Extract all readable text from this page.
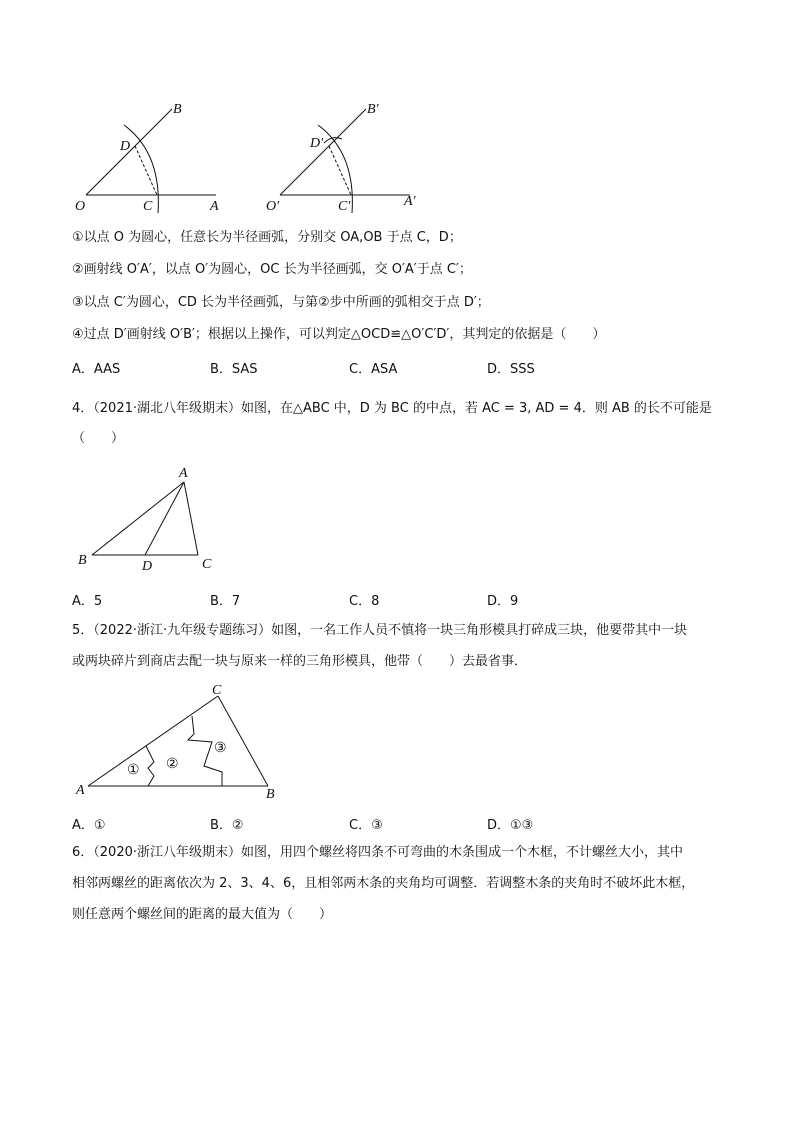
B
D
O	C	A
B′
D′
O′	C′	A′
①以点 O 为圆心，任意长为半径画弧，分别交 OA,OB 于点 C，D；
②画射线 O′A′，以点 O′为圆心，OC 长为半径画弧，交 O′A′于点 C′；
③以点 C′为圆心，CD 长为半径画弧，与第②步中所画的弧相交于点 D′；
④过点 D′画射线 O′B′；根据以上操作，可以判定△OCD≌△O′C′D′，其判定的依据是（　　）
A．AAS	B．SAS	C．ASA	D．SSS
4．（2021·湖北八年级期末）如图，在△ABC 中，D 为 BC 的中点，若 AC = 3, AD = 4．则 AB 的长不可能是
（　　）
A
B	D	C
A．5	B．7	C．8	D．9
5．（2022·浙江·九年级专题练习）如图，一名工作人员不慎将一块三角形模具打碎成三块，他要带其中一块
或两块碎片到商店去配一块与原来一样的三角形模具，他带（　　）去最省事．
C
A	B
① ②
③
A．①	B．②	C．③	D．①③
6．（2020·浙江八年级期末）如图，用四个螺丝将四条不可弯曲的木条围成一个木框，不计螺丝大小，其中
相邻两螺丝的距离依次为 2、3、4、6，且相邻两木条的夹角均可调整．若调整木条的夹角时不破坏此木框，
则任意两个螺丝间的距离的最大值为（　　）
